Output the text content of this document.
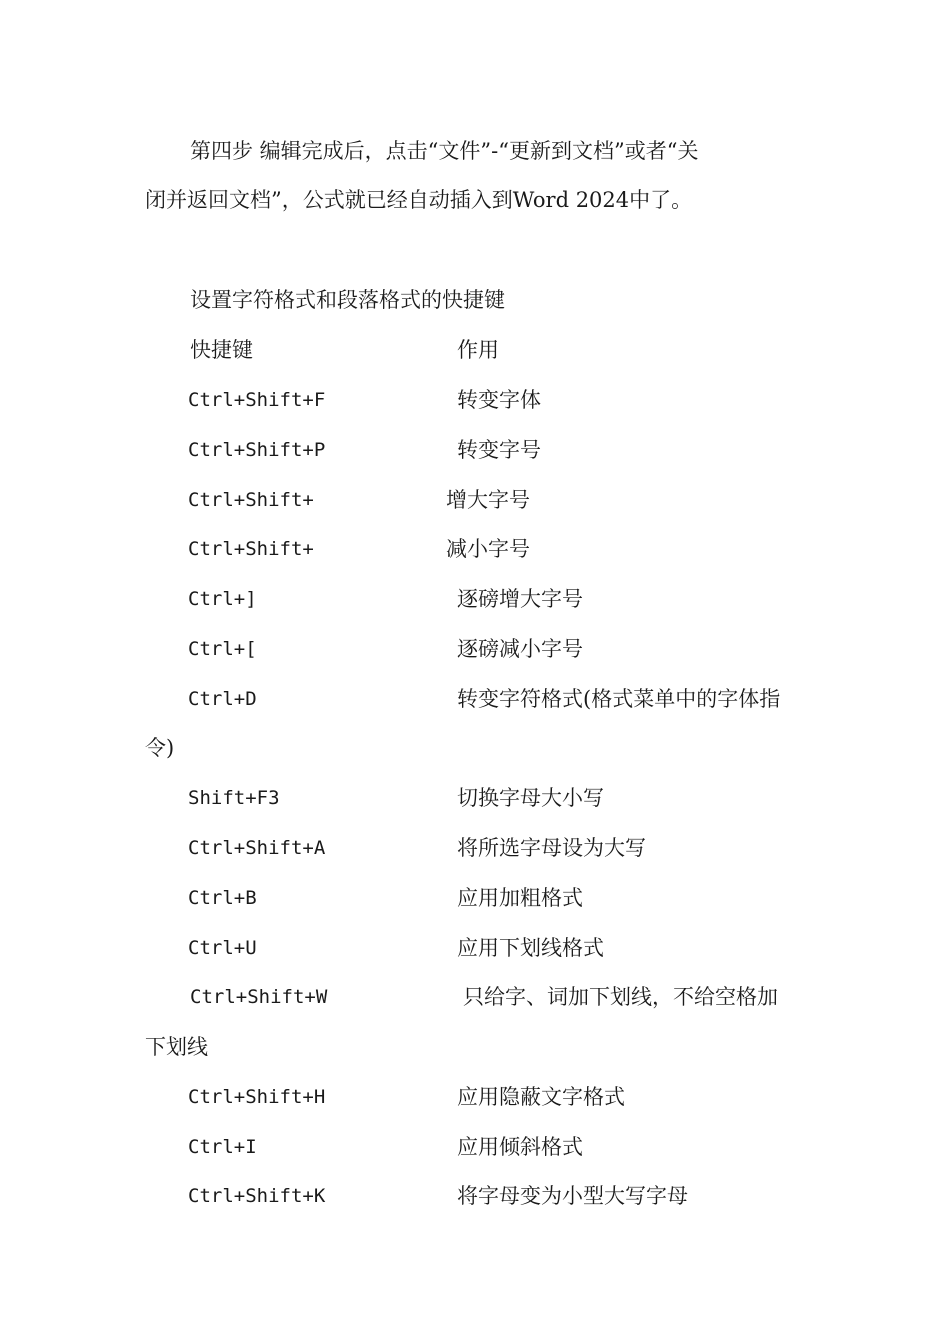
第四步 编辑完成后，点击“文件”-“更新到文档”或者“关
闭并返回文档”，公式就已经自动插入到Word 2024中了。
设置字符格式和段落格式的快捷键
快捷键	作用
Ctrl+Shift+F	转变字体
Ctrl+Shift+P	转变字号
Ctrl+Shift+	增大字号
Ctrl+Shift+	减小字号
Ctrl+]	逐磅增大字号
Ctrl+[	逐磅减小字号
Ctrl+D	转变字符格式(格式菜单中的字体指
令)
Shift+F3	切换字母大小写
Ctrl+Shift+A	将所选字母设为大写
Ctrl+B	应用加粗格式
Ctrl+U	应用下划线格式
Ctrl+Shift+W	只给字、词加下划线，不给空格加
下划线
Ctrl+Shift+H	应用隐蔽文字格式
Ctrl+I	应用倾斜格式
Ctrl+Shift+K	将字母变为小型大写字母
